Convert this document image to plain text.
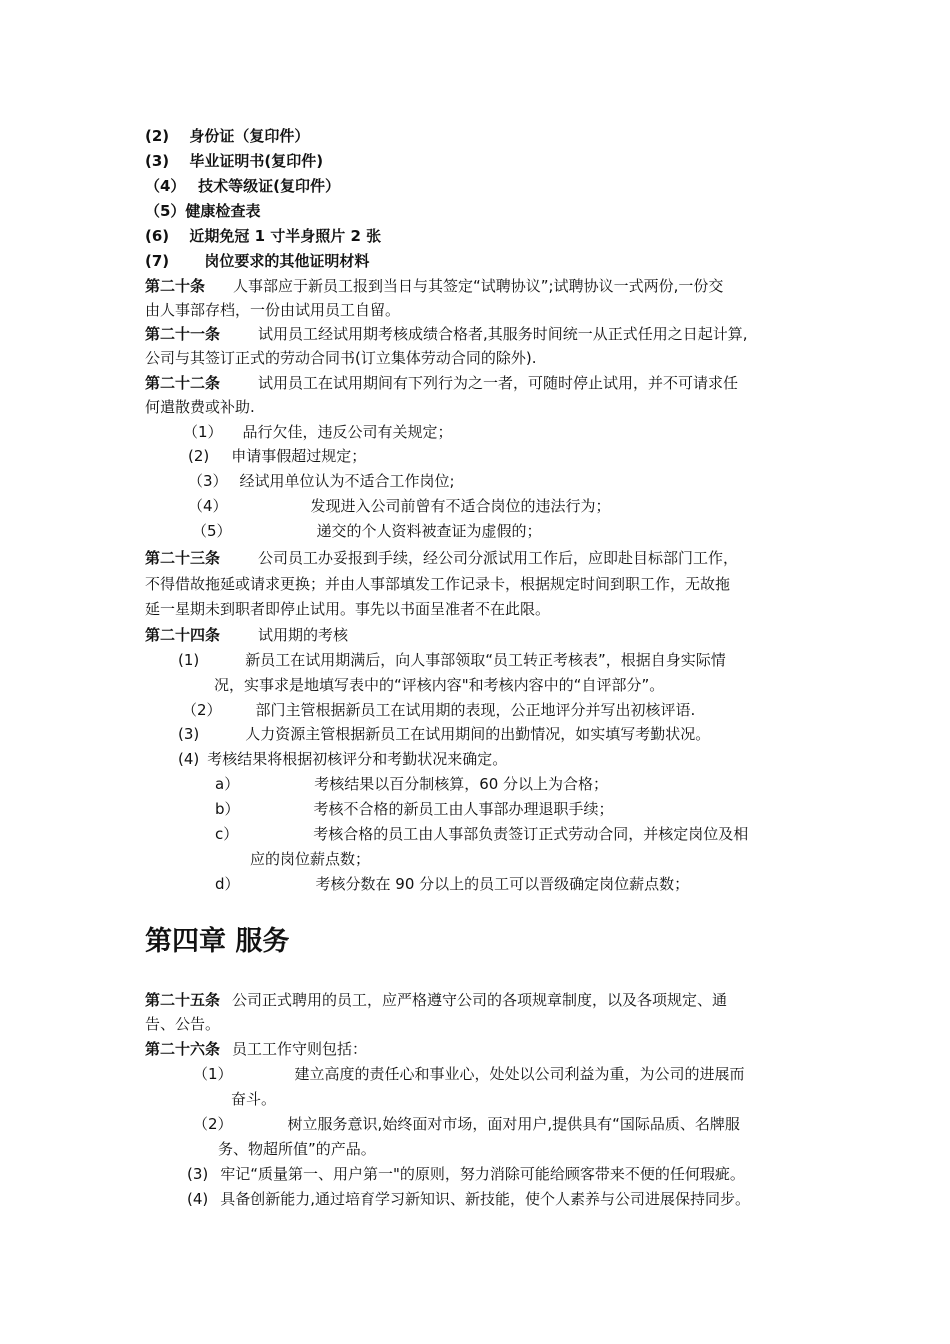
(2)　 身份证（复印件）
(3)　 毕业证明书(复印件)
（4）　 技术等级证(复印件）
（5）健康检查表
(6)　 近期免冠 1 寸半身照片 2 张
(7)　　 岗位要求的其他证明材料
第二十条 人事部应于新员工报到当日与其签定“试聘协议”;试聘协议一式两份,一份交
由人事部存档，一份由试用员工自留。
第二十一条	试用员工经试用期考核成绩合格者,其服务时间统一从正式任用之日起计算,
公司与其签订正式的劳动合同书(订立集体劳动合同的除外).
第二十二条	试用员工在试用期间有下列行为之一者，可随时停止试用，并不可请求任
何遣散费或补助.
（1） 品行欠佳，违反公司有关规定；
(2) 申请事假超过规定；
（3） 经试用单位认为不适合工作岗位;
（4）	发现进入公司前曾有不适合岗位的违法行为；
（5）	递交的个人资料被查证为虚假的；
第二十三条	公司员工办妥报到手续，经公司分派试用工作后，应即赴目标部门工作，
不得借故拖延或请求更换；并由人事部填发工作记录卡，根据规定时间到职工作，无故拖
延一星期未到职者即停止试用。事先以书面呈准者不在此限。
第二十四条	试用期的考核
(1)	新员工在试用期满后，向人事部领取“员工转正考核表”，根据自身实际情
况，实事求是地填写表中的“评核内容"和考核内容中的“自评部分”。
（2） 部门主管根据新员工在试用期的表现，公正地评分并写出初核评语.
(3)	人力资源主管根据新员工在试用期间的出勤情况，如实填写考勤状况。
(4) 考核结果将根据初核评分和考勤状况来确定。
a）	考核结果以百分制核算，60 分以上为合格；
b）	考核不合格的新员工由人事部办理退职手续；
c）	考核合格的员工由人事部负责签订正式劳动合同，并核定岗位及相
应的岗位薪点数；
d）	考核分数在 90 分以上的员工可以晋级确定岗位薪点数；
第四章 服务
第二十五条 公司正式聘用的员工，应严格遵守公司的各项规章制度，以及各项规定、通
告、公告。
第二十六条 员工工作守则包括：
（1）	建立高度的责任心和事业心，处处以公司利益为重，为公司的进展而
奋斗。
（2）	树立服务意识,始终面对市场，面对用户,提供具有“国际品质、名牌服
务、物超所值”的产品。
(3) 牢记“质量第一、用户第一"的原则，努力消除可能给顾客带来不便的任何瑕疵。
(4) 具备创新能力,通过培育学习新知识、新技能，使个人素养与公司进展保持同步。
